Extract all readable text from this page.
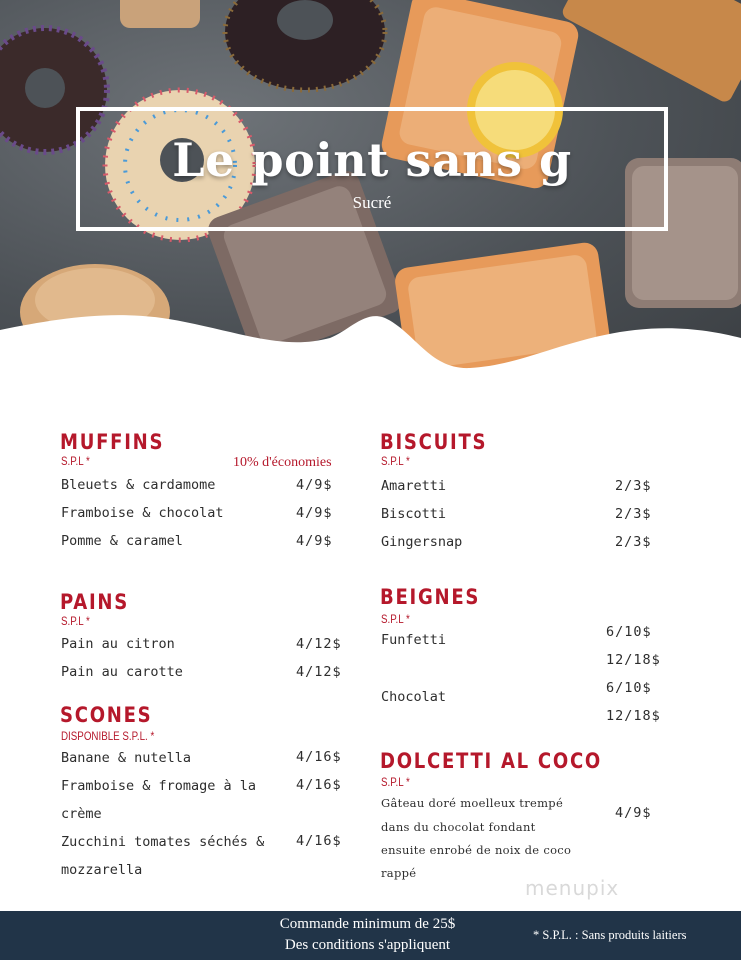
Le point sans g
Sucré
MUFFINS
S.P.L *	10% d'économies
Bleuets & cardamome	4/9$
Framboise & chocolat	4/9$
Pomme & caramel	4/9$
PAINS
S.P.L *
Pain au citron	4/12$
Pain au carotte	4/12$
SCONES
DISPONIBLE S.P.L. *
Banane & nutella	4/16$
Framboise & fromage à la
crème
4/16$
Zucchini tomates séchés &
mozzarella
4/16$
BISCUITS
S.P.L *
Amaretti	2/3$
Biscotti	2/3$
Gingersnap	2/3$
BEIGNES
S.P.L *
Funfetti	6/10$
12/18$
Chocolat
6/10$
12/18$
DOLCETTI AL COCO
S.P.L *
Gâteau doré moelleux trempé
dans du chocolat fondant
ensuite enrobé de noix de coco
rappé
4/9$
menupix
Commande minimum de 25$
Des conditions s'appliquent
* S.P.L. : Sans produits laitiers
